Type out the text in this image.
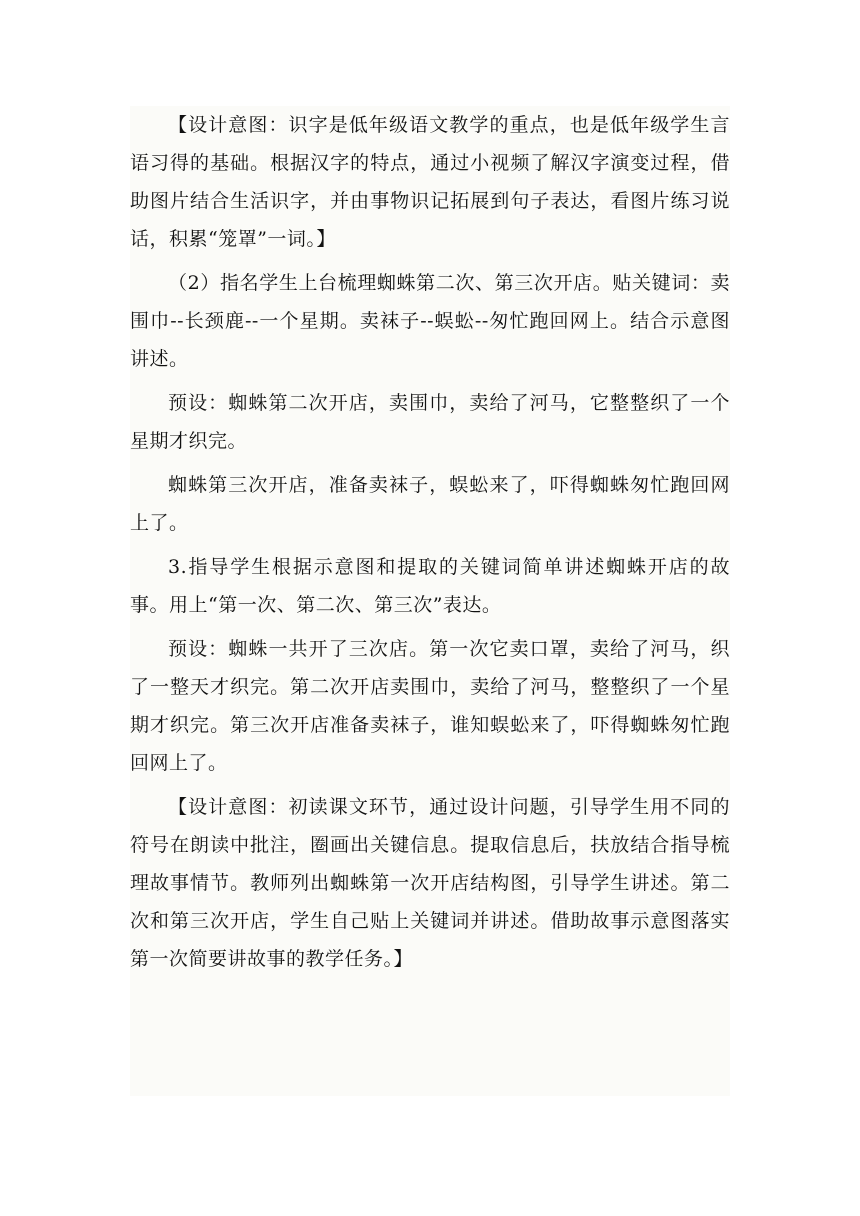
【设计意图：识字是低年级语文教学的重点，也是低年级学生言语习得的基础。根据汉字的特点，通过小视频了解汉字演变过程，借助图片结合生活识字，并由事物识记拓展到句子表达，看图片练习说话，积累“笼罩”一词。】

（2）指名学生上台梳理蜘蛛第二次、第三次开店。贴关键词：卖围巾--长颈鹿--一个星期。卖袜子--蜈蚣--匆忙跑回网上。结合示意图讲述。

预设：蜘蛛第二次开店，卖围巾，卖给了河马，它整整织了一个星期才织完。

蜘蛛第三次开店，准备卖袜子，蜈蚣来了，吓得蜘蛛匆忙跑回网上了。

3.指导学生根据示意图和提取的关键词简单讲述蜘蛛开店的故事。用上“第一次、第二次、第三次”表达。

预设：蜘蛛一共开了三次店。第一次它卖口罩，卖给了河马，织了一整天才织完。第二次开店卖围巾，卖给了河马，整整织了一个星期才织完。第三次开店准备卖袜子，谁知蜈蚣来了，吓得蜘蛛匆忙跑回网上了。

【设计意图：初读课文环节，通过设计问题，引导学生用不同的符号在朗读中批注，圈画出关键信息。提取信息后，扶放结合指导梳理故事情节。教师列出蜘蛛第一次开店结构图，引导学生讲述。第二次和第三次开店，学生自己贴上关键词并讲述。借助故事示意图落实第一次简要讲故事的教学任务。】
